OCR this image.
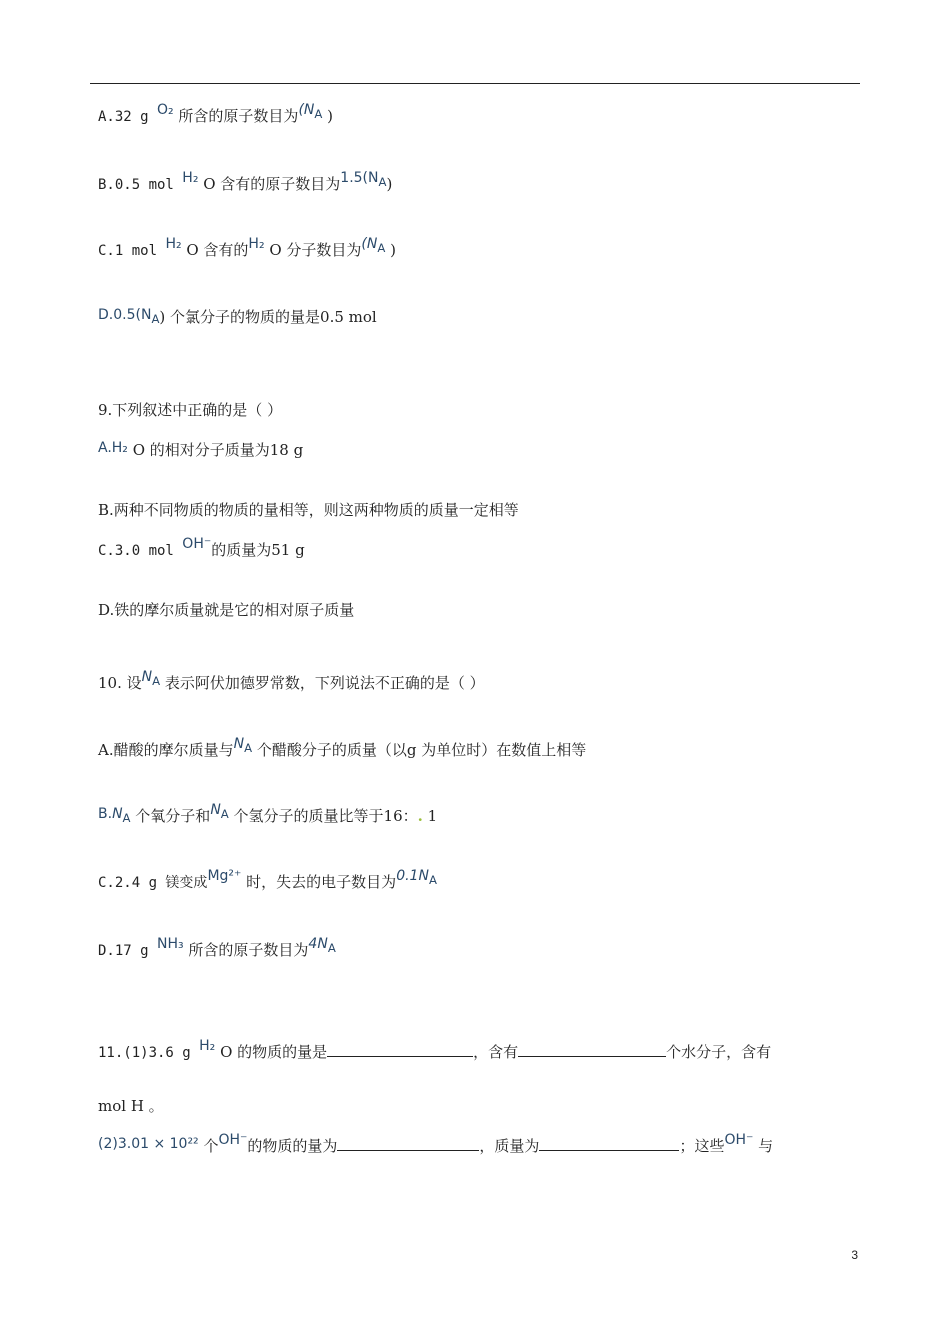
A.32 g O₂ 所含的原子数目为($N_A$ )
B.0.5 mol H₂ O 含有的原子数目为$1.5(N_A)$
C.1 mol H₂ O 含有的H₂ O 分子数目为($N_A$ )
$D.0.5(N_A)$ 个氯分子的物质的量是0.5 mol
9.下列叙述中正确的是（ ）
A.H₂ O 的相对分子质量为18 g
B.两种不同物质的物质的量相等，则这两种物质的质量一定相等
C.3.0 mol OH⁻的质量为51 g
D.铁的摩尔质量就是它的相对原子质量
10. 设$N_A$ 表示阿伏加德罗常数，下列说法不正确的是（ ）
A.醋酸的摩尔质量与$N_A$ 个醋酸分子的质量（以g 为单位时）在数值上相等
$B.N_A$ 个氧分子和$N_A$ 个氢分子的质量比等于16：. 1
C.2.4 g 镁变成Mg²⁺ 时，失去的电子数目为$0.1N_A$
D.17 g NH₃ 所含的原子数目为$4N_A$
11.(1)3.6 g H₂ O 的物质的量是	，含有	个水分子，含有
mol H 。
(2)3.01 × 10²² 个OH⁻的物质的量为	，质量为	；这些OH⁻ 与
3
